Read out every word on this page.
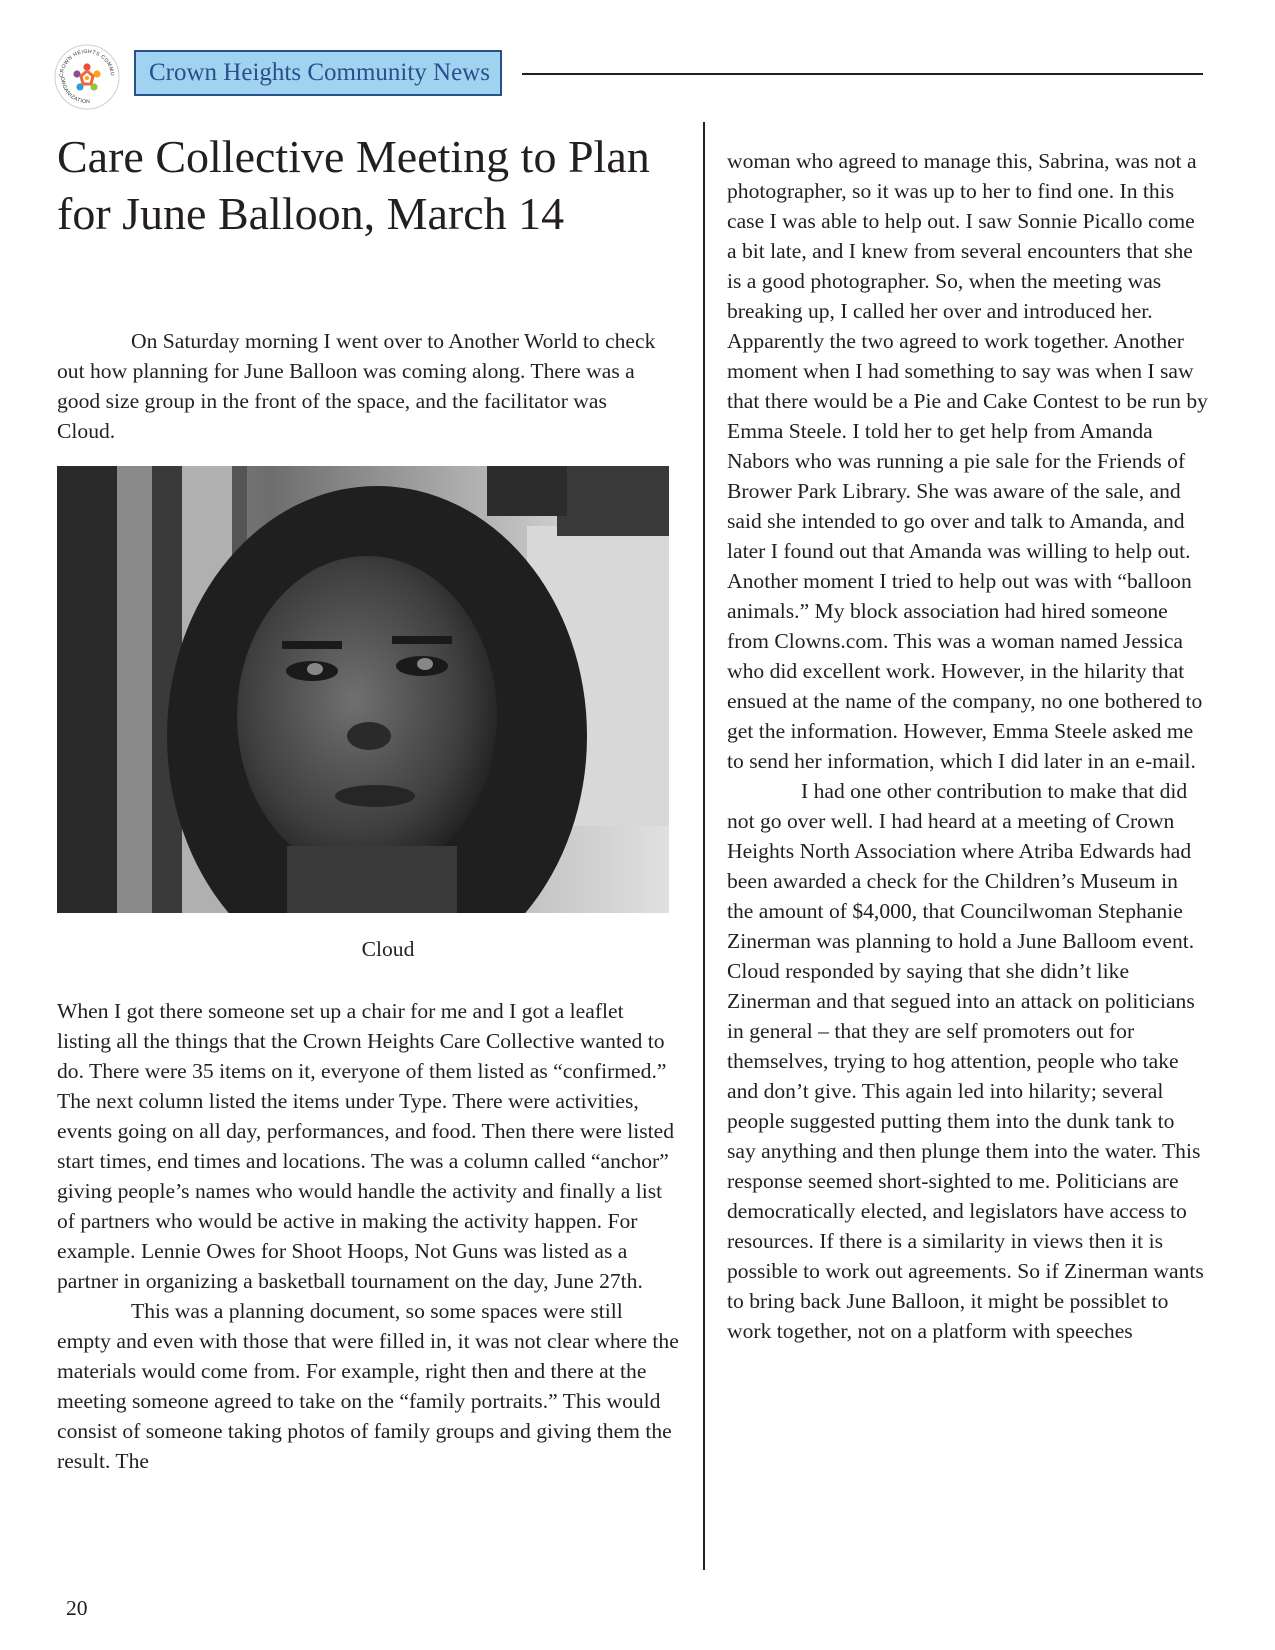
CROWN HEIGHTS COMMU
ORGANIZATION
Crown Heights Community News
Care Collective Meeting to Plan for June Balloon, March 14

On Saturday morning I went over to Another World to check out how planning for June Balloon was coming along. There was a good size group in the front of the space, and the facilitator was Cloud.

Cloud

When I got there someone set up a chair for me and I got a leaflet listing all the things that the Crown Heights Care Collective wanted to do. There were 35 items on it, everyone of them listed as “confirmed.” The next column listed the items under Type. There were activities, events going on all day, performances, and food. Then there were listed start times, end times and locations. The was a column called “anchor” giving people’s names who would handle the activity and finally a list of partners who would be active in making the activity happen. For example. Lennie Owes for Shoot Hoops, Not Guns was listed as a partner in organizing a basketball tournament on the day, June 27th.

This was a planning document, so some spaces were still empty and even with those that were filled in, it was not clear where the materials would come from. For example, right then and there at the meeting someone agreed to take on the “family portraits.” This would consist of someone taking photos of family groups and giving them the result. The

woman who agreed to manage this, Sabrina, was not a photographer, so it was up to her to find one. In this case I was able to help out. I saw Sonnie Picallo come a bit late, and I knew from several encounters that she is a good photographer. So, when the meeting was breaking up, I called her over and introduced her. Apparently the two agreed to work together. Another moment when I had something to say was when I saw that there would be a Pie and Cake Contest to be run by Emma Steele. I told her to get help from Amanda Nabors who was running a pie sale for the Friends of Brower Park Library. She was aware of the sale, and said she intended to go over and talk to Amanda, and later I found out that Amanda was willing to help out. Another moment I tried to help out was with “balloon animals.” My block association had hired someone from Clowns.com. This was a woman named Jessica who did excellent work. However, in the hilarity that ensued at the name of the company, no one bothered to get the information. However, Emma Steele asked me to send her information, which I did later in an e-mail.

I had one other contribution to make that did not go over well. I had heard at a meeting of Crown Heights North Association where Atriba Edwards had been awarded a check for the Children’s Museum in the amount of $4,000, that Councilwoman Stephanie Zinerman was planning to hold a June Balloom event. Cloud responded by saying that she didn’t like Zinerman and that segued into an attack on politicians in general – that they are self promoters out for themselves, trying to hog attention, people who take and don’t give. This again led into hilarity; several people suggested putting them into the dunk tank to say anything and then plunge them into the water. This response seemed short-sighted to me. Politicians are democratically elected, and legislators have access to resources. If there is a similarity in views then it is possible to work out agreements. So if Zinerman wants to bring back June Balloon, it might be possiblet to work together, not on a platform with speeches

20
